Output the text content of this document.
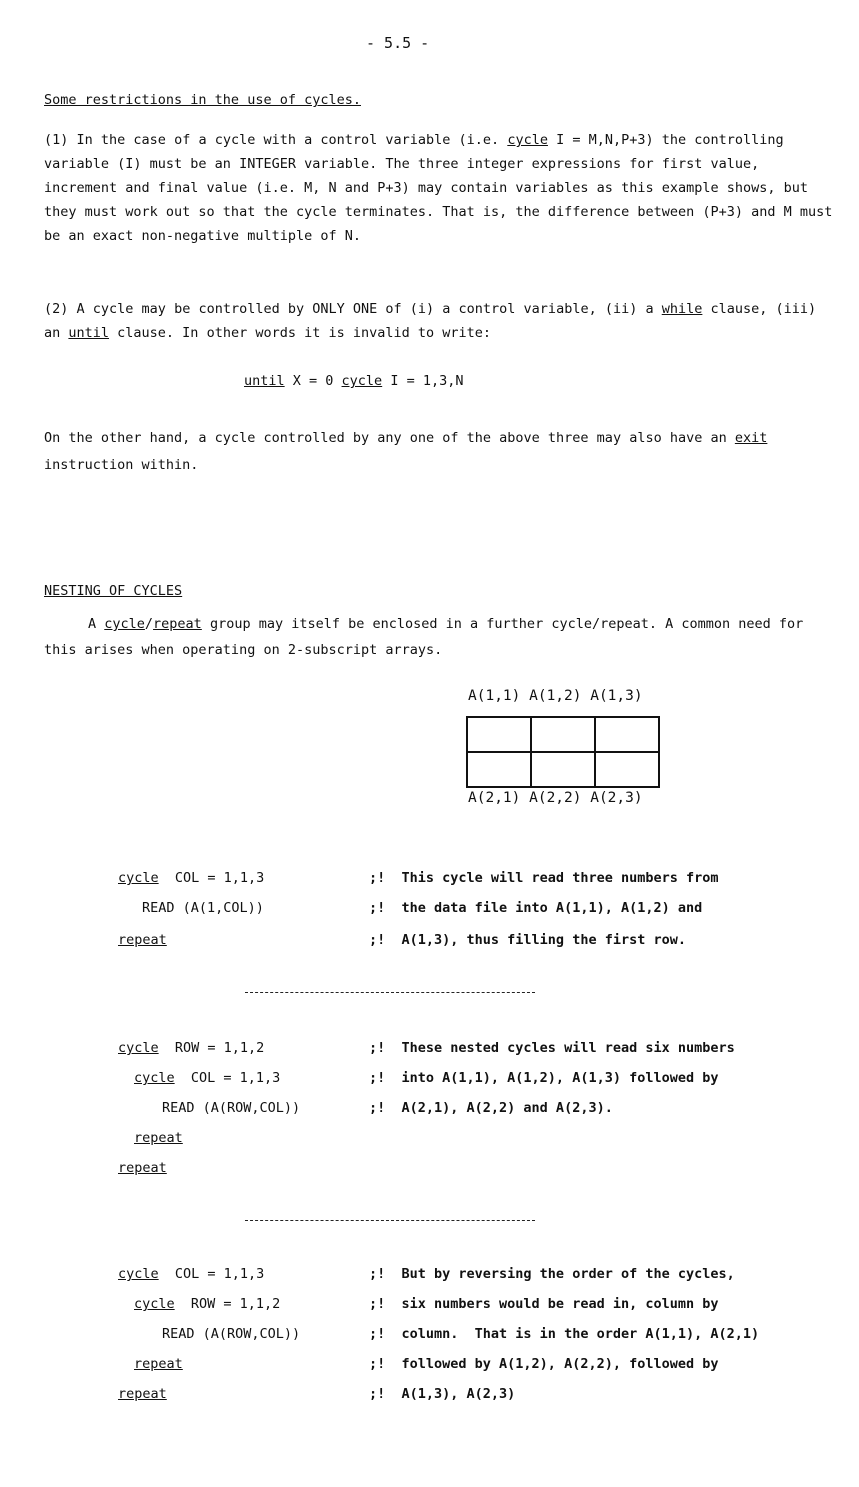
- 5.5 -
Some restrictions in the use of cycles.
(1) In the case of a cycle with a control variable (i.e. cycle I = M,N,P+3) the controlling variable (I) must be an INTEGER variable. The three integer expressions for first value, increment and final value (i.e. M, N and P+3) may contain variables as this example shows, but they must work out so that the cycle terminates. That is, the difference between (P+3) and M must be an exact non-negative multiple of N.
(2) A cycle may be controlled by ONLY ONE of (i) a control variable, (ii) a while clause, (iii) an until clause. In other words it is invalid to write:
until X = 0 cycle I = 1,3,N
On the other hand, a cycle controlled by any one of the above three may also have an exit instruction within.
NESTING OF CYCLES
A cycle/repeat group may itself be enclosed in a further cycle/repeat. A common need for this arises when operating on 2-subscript arrays.
A(1,1) A(1,2) A(1,3)

A(2,1) A(2,2) A(2,3)
cycle  COL = 1,1,3
READ (A(1,COL))
repeat
;!  This cycle will read three numbers from
;!  the data file into A(1,1), A(1,2) and
;!  A(1,3), thus filling the first row.
cycle  ROW = 1,1,2
cycle  COL = 1,1,3
READ (A(ROW,COL))
repeat
repeat
;!  These nested cycles will read six numbers
;!  into A(1,1), A(1,2), A(1,3) followed by
;!  A(2,1), A(2,2) and A(2,3).
cycle  COL = 1,1,3
cycle  ROW = 1,1,2
READ (A(ROW,COL))
repeat
repeat
;!  But by reversing the order of the cycles,
;!  six numbers would be read in, column by
;!  column.  That is in the order A(1,1), A(2,1)
;!  followed by A(1,2), A(2,2), followed by
;!  A(1,3), A(2,3)
